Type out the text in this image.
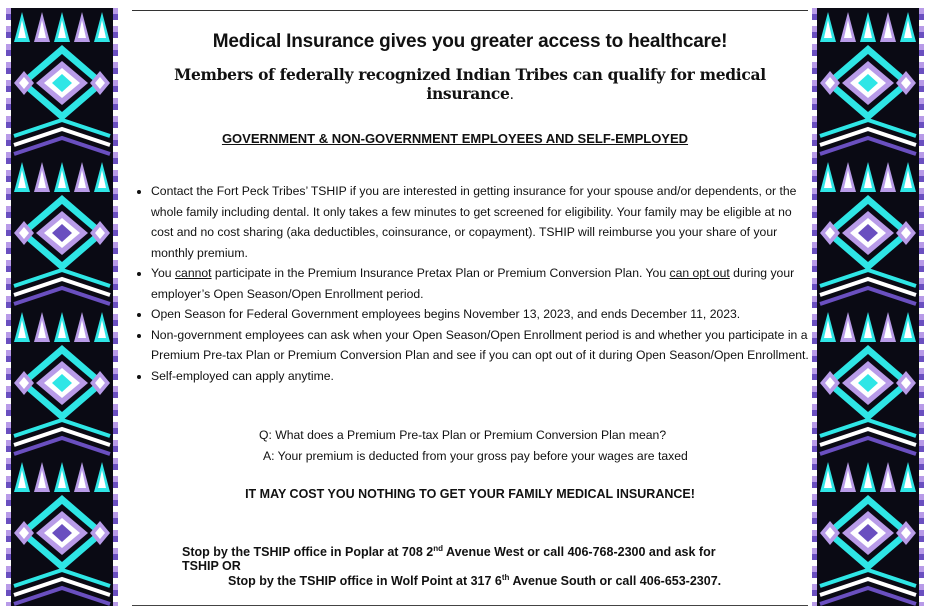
Medical Insurance gives you greater access to healthcare!
Members of federally recognized Indian Tribes can qualify for medical insurance.
GOVERNMENT & NON-GOVERNMENT EMPLOYEES AND SELF-EMPLOYED
• Contact the Fort Peck Tribes’ TSHIP if you are interested in getting insurance for your spouse and/or dependents, or the whole family including dental. It only takes a few minutes to get screened for eligibility. Your family may be eligible at no cost and no cost sharing (aka deductibles, coinsurance, or copayment). TSHIP will reimburse you your share of your monthly premium.
• You cannot participate in the Premium Insurance Pretax Plan or Premium Conversion Plan. You can opt out during your employer’s Open Season/Open Enrollment period.
• Open Season for Federal Government employees begins November 13, 2023, and ends December 11, 2023.
• Non-government employees can ask when your Open Season/Open Enrollment period is and whether you participate in a Premium Pre-tax Plan or Premium Conversion Plan and see if you can opt out of it during Open Season/Open Enrollment.
• Self-employed can apply anytime.
Q: What does a Premium Pre-tax Plan or Premium Conversion Plan mean?
A: Your premium is deducted from your gross pay before your wages are taxed
IT MAY COST YOU NOTHING TO GET YOUR FAMILY MEDICAL INSURANCE!
Stop by the TSHIP office in Poplar at 708 2nd Avenue West or call 406-768-2300 and ask for TSHIP OR
Stop by the TSHIP office in Wolf Point at 317 6th Avenue South or call 406-653-2307.
